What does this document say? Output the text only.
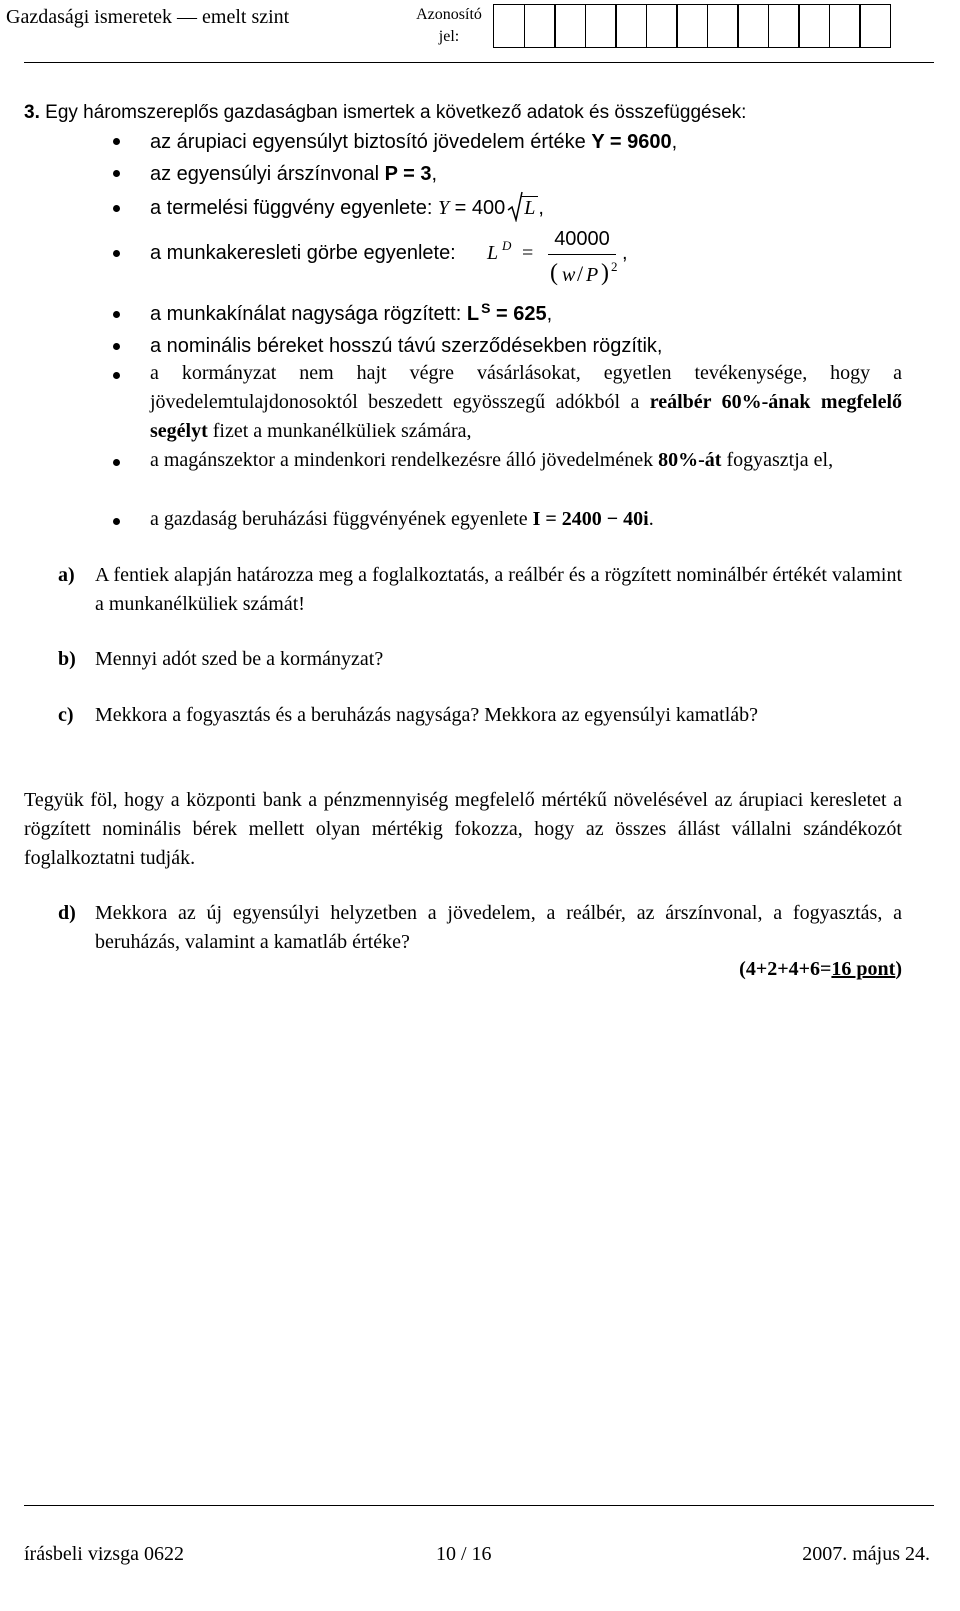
Gazdasági ismeretek — emelt szint	Azonosító
jel:
3. Egy háromszereplős gazdaságban ismertek a következő adatok és összefüggések:
az árupiaci egyensúlyt biztosító jövedelem értéke Y = 9600,
az egyensúlyi árszínvonal P = 3,
a termelési függvény egyenlete: Y = 400 L ,
a munkakeresleti görbe egyenlete: L D =
40000
( w / P ) 2
,
a munkakínálat nagysága rögzített: L $^S$ = 625,
a nominális béreket hosszú távú szerződésekben rögzítik,
a kormányzat nem hajt végre vásárlásokat, egyetlen tevékenysége, hogy a jövedelemtulajdonosoktól beszedett egyösszegű adókból a reálbér 60%-ának megfelelő segélyt fizet a munkanélküliek számára,
a magánszektor a mindenkori rendelkezésre álló jövedelmének 80%-át fogyasztja el,
a gazdaság beruházási függvényének egyenlete I = 2400 − 40i.
a) A fentiek alapján határozza meg a foglalkoztatás, a reálbér és a rögzített nominálbér értékét valamint a munkanélküliek számát!
b) Mennyi adót szed be a kormányzat?
c) Mekkora a fogyasztás és a beruházás nagysága? Mekkora az egyensúlyi kamatláb?
Tegyük föl, hogy a központi bank a pénzmennyiség megfelelő mértékű növelésével az árupiaci keresletet a rögzített nominális bérek mellett olyan mértékig fokozza, hogy az összes állást vállalni szándékozót foglalkoztatni tudják.
d) Mekkora az új egyensúlyi helyzetben a jövedelem, a reálbér, az árszínvonal, a fogyasztás, a beruházás, valamint a kamatláb értéke?
(4+2+4+6=16 pont)
írásbeli vizsga 0622	10 / 16	2007. május 24.
